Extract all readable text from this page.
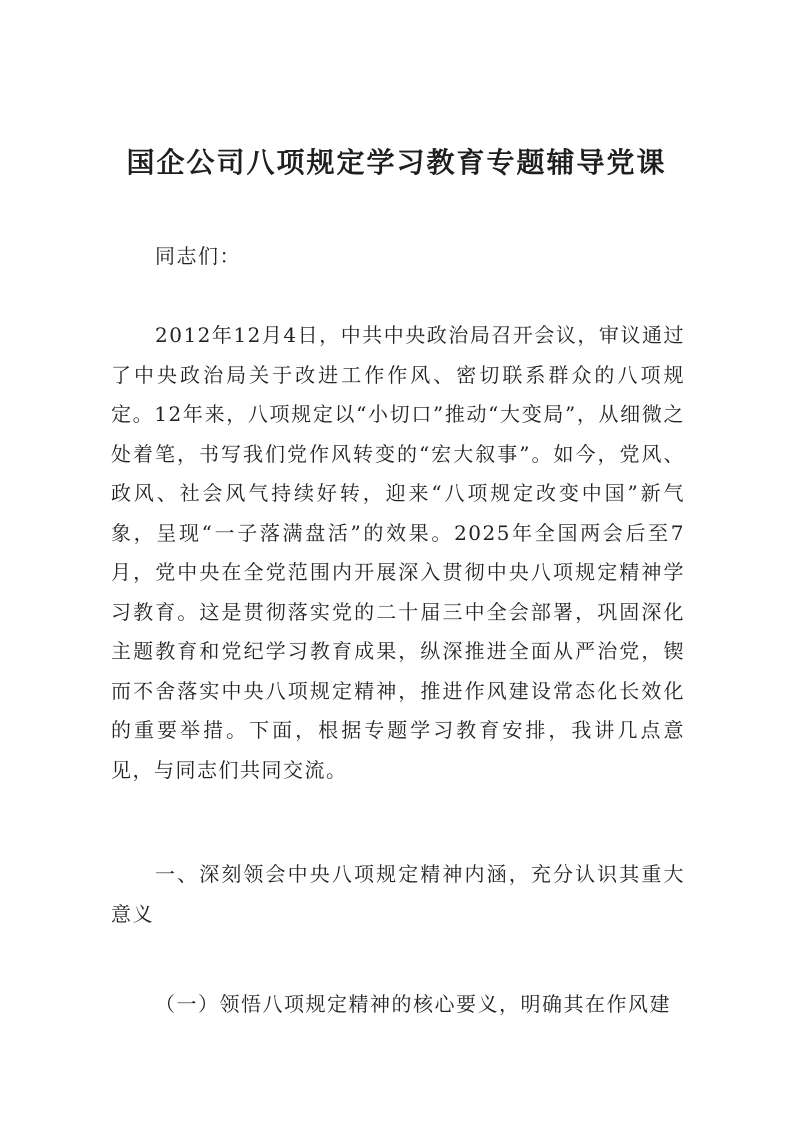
国企公司八项规定学习教育专题辅导党课

同志们：

2012年12月4日，中共中央政治局召开会议，审议通过了中央政治局关于改进工作作风、密切联系群众的八项规定。12年来，八项规定以“小切口”推动“大变局”，从细微之处着笔，书写我们党作风转变的“宏大叙事”。如今，党风、政风、社会风气持续好转，迎来“八项规定改变中国”新气象，呈现“一子落满盘活”的效果。2025年全国两会后至7月，党中央在全党范围内开展深入贯彻中央八项规定精神学习教育。这是贯彻落实党的二十届三中全会部署，巩固深化主题教育和党纪学习教育成果，纵深推进全面从严治党，锲而不舍落实中央八项规定精神，推进作风建设常态化长效化的重要举措。下面，根据专题学习教育安排，我讲几点意见，与同志们共同交流。

一、深刻领会中央八项规定精神内涵，充分认识其重大意义

（一）领悟八项规定精神的核心要义，明确其在作风建
